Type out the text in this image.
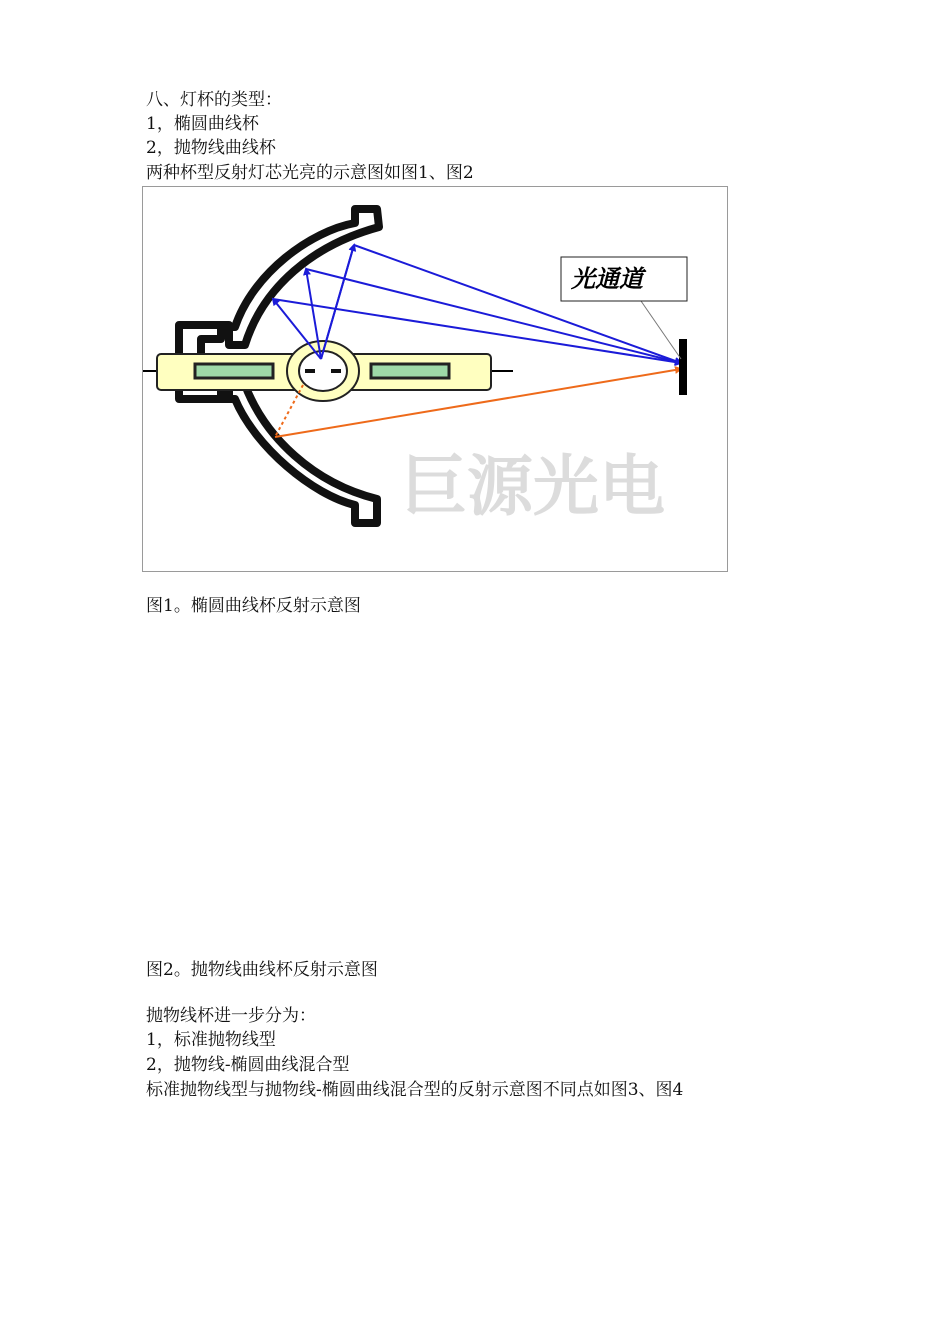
八、灯杯的类型：
1，椭圆曲线杯
2，抛物线曲线杯
两种杯型反射灯芯光亮的示意图如图1、图2
巨源光电
光通道
图1。椭圆曲线杯反射示意图
图2。抛物线曲线杯反射示意图
抛物线杯进一步分为：
1，标准抛物线型
2，抛物线-椭圆曲线混合型
标准抛物线型与抛物线-椭圆曲线混合型的反射示意图不同点如图3、图4
